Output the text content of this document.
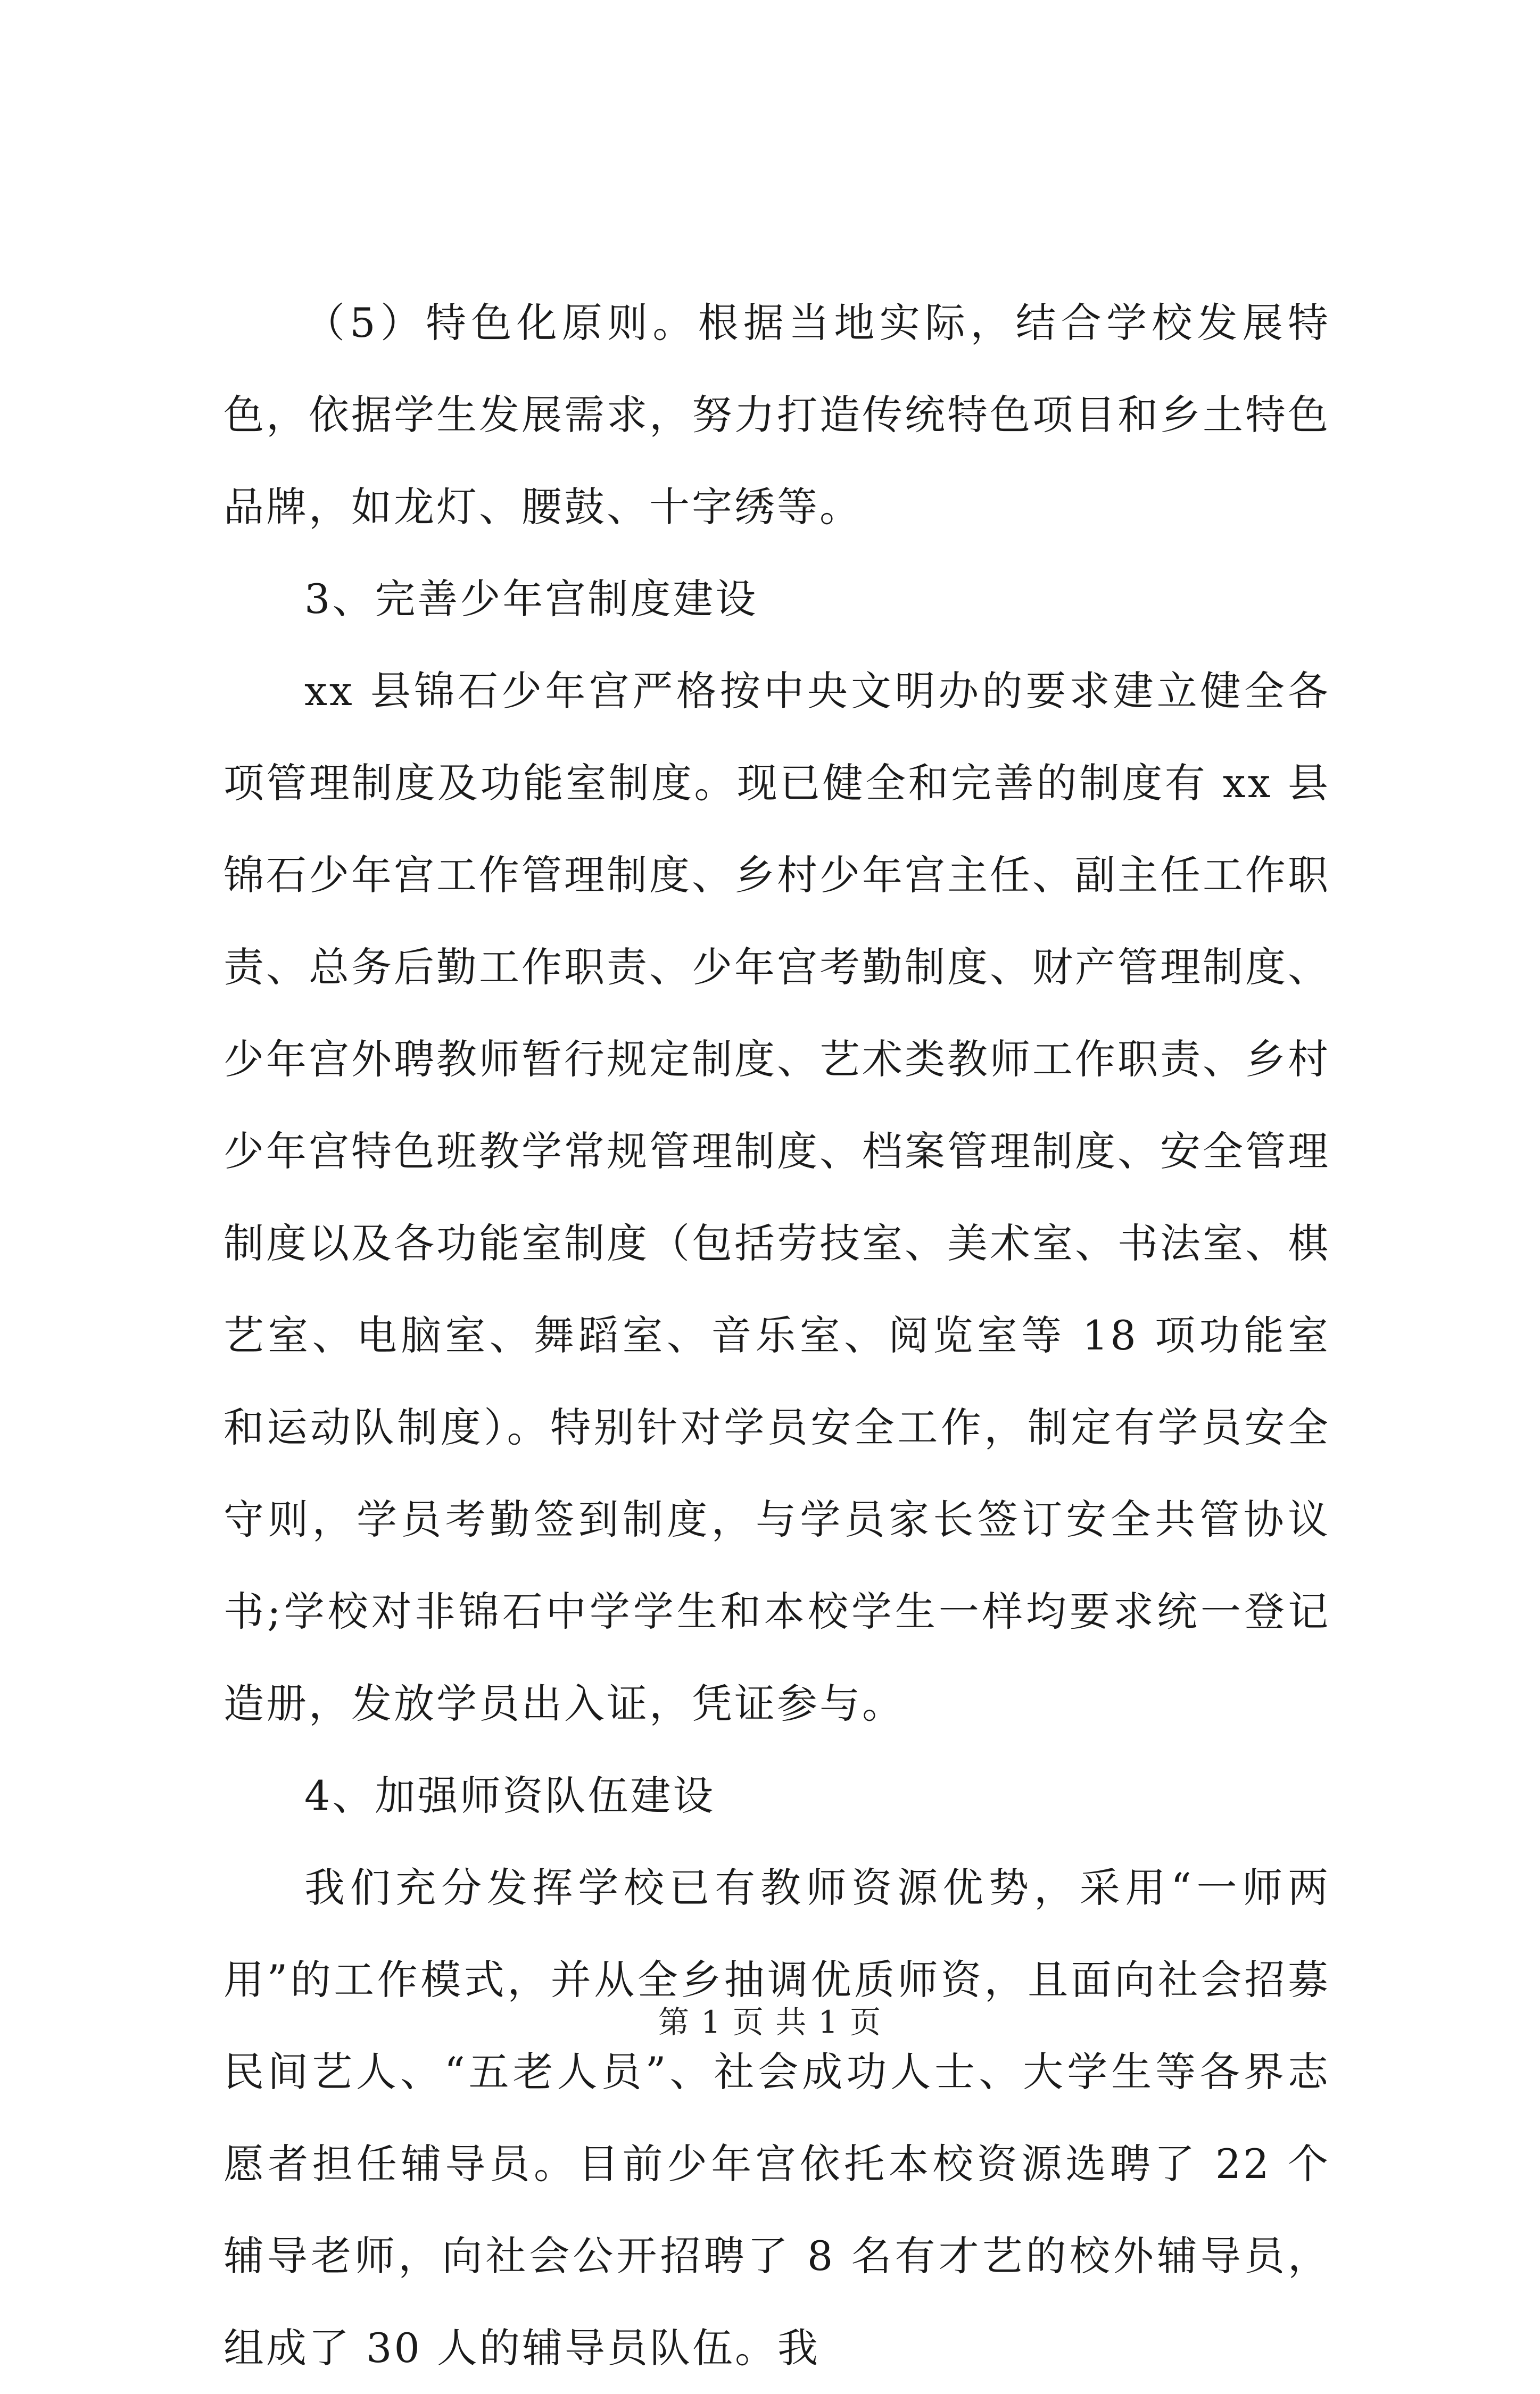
（5）特色化原则。根据当地实际，结合学校发展特色，依据学生发展需求，努力打造传统特色项目和乡土特色品牌，如龙灯、腰鼓、十字绣等。

3、完善少年宫制度建设

xx 县锦石少年宫严格按中央文明办的要求建立健全各项管理制度及功能室制度。现已健全和完善的制度有 xx 县锦石少年宫工作管理制度、乡村少年宫主任、副主任工作职责、总务后勤工作职责、少年宫考勤制度、财产管理制度、少年宫外聘教师暂行规定制度、艺术类教师工作职责、乡村少年宫特色班教学常规管理制度、档案管理制度、安全管理制度以及各功能室制度（包括劳技室、美术室、书法室、棋艺室、电脑室、舞蹈室、音乐室、阅览室等 18 项功能室和运动队制度）。特别针对学员安全工作，制定有学员安全守则，学员考勤签到制度，与学员家长签订安全共管协议书;学校对非锦石中学学生和本校学生一样均要求统一登记造册，发放学员出入证，凭证参与。

4、加强师资队伍建设

我们充分发挥学校已有教师资源优势，采用“一师两用”的工作模式，并从全乡抽调优质师资，且面向社会招募民间艺人、“五老人员”、社会成功人士、大学生等各界志愿者担任辅导员。目前少年宫依托本校资源选聘了 22 个辅导老师，向社会公开招聘了 8 名有才艺的校外辅导员，组成了 30 人的辅导员队伍。我

第 1 页 共 1 页
